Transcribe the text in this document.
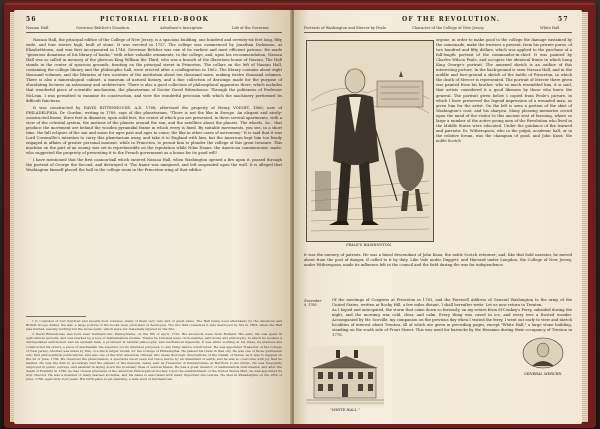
56	PICTORIAL FIELD-BOOK
Nassau Hall.	Governor Belcher's Donation.	Arbuthnot's Inscription.	Life of the Governor.

Nassau Hall, the principal edifice of the College of New Jersey, is a spacious building, one hundred and seventy-six feet long, fifty wide, and four stories high, built of stone. It was erected in 1757. The college was commenced by Jonathan Dickinson, at Elizabethtown, and was first incorporated in 1746. Governor Belcher was one of its earliest and most efficient patrons. He made "generous donations of his library of books," with other valuable ornaments, to the college; and, upon his recommendation, Nassau Hall was so called in memory of the glorious King William the Third, who was a branch of the illustrious house of Nassau. The Hall stands in the center of spacious grounds, fronting on the principal street in Princeton. The cellars on the left of Nassau Hall, containing the college library and the philosophic hall, were erected after a conflagration in 1802. The library contains about eight thousand volumes, and the libraries of two societies of the institution about ten thousand more, making twelve thousand volumes. There is also a mineralogical cabinet, a museum of natural history, and a fine collection of drawings made for the purpose of elucidating lectures on astronomy and architecture. There is also a good collection of philosophical apparatus there, which includes that wonderful piece of scientific mechanism, the planetarium of Doctor David Rittenhouse. Through the politeness of Professor McLean, I was permitted to examine its construction, and view the wonderful precision with which the machinery performed its difficult functions.

It was constructed by DAVID RITTENHOUSE, A.D. 1768; afterward the property of Henry VOIGHT, 1806; now of PHILADELPHIA. Dr. Gordon, writing in 1789, says of this planetarium, "There is not the like in Europe. An elegant and nicely-constructed frame, three feet in diameter, upon solid feet; the center of which you are presented, in three several apartments, with a view of the celestial system, the motions of the planets around the sun, and the satellites about the planets. The wheels, &c., that produce the movement are behind the wooden pyramidal frame in which every is fixed. By suitable movements, you see, in a short time, the full eclipses of the sun and moon for ages past and ages to come; the like in other cases of astronomy." It is said that it was Lord Cornwallis's intention to carry this planetarium away, and take it to England with him; but the American kept him too busily engaged in affairs of greater personal moment, while in Princeton, to permit him to plunder the college of this great treasure. This machine on the part of an enemy was set in reprehensible on the reputation while Nilas Deane, the American commissioner, made, who suggested the propriety of presenting it to the French government as a bonus for its good will!

I have mentioned that the first cannon-ball which entered Nassau Hall, when Washington opened a fire upon it, passed through the portrait of George the Second, and destroyed it. The frame was uninjured, and left suspended upon the wall. It is alleged that Washington himself placed the ball in the college room in the Princeton wing of that edifice.

1 It consisted of four hundred and seventy-four volumes, many of them very rare and of great value. The Hall being used alternately by the American and British troops during the war, a large portion of the books were purloined or destroyed. The fire that consumed it was destroyed by fire in 1802, when the Hall was burned, leaving nothing but the stone walls, which were not materially injured by the fire.

2 David Rittenhouse was born near Germantown, Pennsylvania, on the 8th of April, 1732. His ancestors were from Holland. His early life was spent in agricultural pursuits, and was marked by a love of mathematical studies. Trades he followed were clock-making, astronomy and philosophy, in which he became a distinguished astronomer and an eminent man, a proficient in natural philosophy; and mechanical ingenuity. It was while working at his trade, he planned and constructed his orrery, a piece of mechanism the superior, for its intended purposes, to any thing before constructed. He was appointed Treasurer of the College of New Jersey. Another was made by him, of a much larger model, for the College of Philadelphia. He passed his trade in that city. He was one of those gentlemen who first philosophical publications; and was one of the first American citizens who made thorough observations of the transit of Venus, as it was to happen on the 3d of June, 1769. He observed the phenomenon, a spectacle never seen but twice before by an inhabitant of earth, and he was so overcome with joy that he fainted. He was the first to accurately find the planets of the heavens, being sent as Treasurer of Pennsylvania; at Hartford to his duties. He was frequently employed in public surveys, and assisted in laying down the boundary lines of several States. He was a great inventor of mathematical instruments; and after the death of Franklin in 1790, he was chosen president of the American Philosophical Society. Upon the establishment of the United States Mint, he was appointed its first director. He was a member of many learned societies, and his name is associated with many important discoveries. He died in Philadelphia on the 26th of June, 1796, aged sixty-four years. His birth-place is yet standing, a mile west of Germantown.

OF THE REVOLUTION.	57
Portraits of Washington and Mercer by Peale.	Character of the College of New Jersey.	White Hall.
PEALE'S WASHINGTON.

orgone, in order to make good to the college the damage sustained by the cannonade, make the trustees a present, from his private purse, of two hundred and fifty dollars, which was applied to the purchase of a full-length portrait of the commander-in-chief. It was painted by Charles Wilson Peale, and occupies the identical frame in which hung King George's portrait. The annexed sketch is an outline of this interesting picture. In the back-ground is seen Nassau Hall, and in the middle and fore-ground a sketch of the battle of Princeton, in which the death of Mercer is represented. The portrait of Mercer there given was painted from his brother, who so much resembled him, it is said, that artists considered it a good likeness by those who knew the general. The portrait given below I copied from Peale's picture, in which I have preserved the legend impression of a wounded man, as given him for the artist. On the left is seen a portion of the skirt of Washington's coat, and his sharpen. Many pleasing memories crowd upon the mind of the visitor to this ancient seat of learning, where so large a number of the active young men of the Revolution who lived in the Middle States were educated. Under the guidance of the learned and patriotic Dr. Witherspoon, who in the pulpit, academic hall, or in the relative forum, was the champion of good, and John Knox, the noble Scotch

it was the nursery of patriots. He was a lineal descendant of John Knox, the noble Scotch reformer; and, like that bold narrator, he moved about from the post of danger, if called to it by duty. Like Vale under Daggett, and Harvard under Langdon, the College of New Jersey, under Witherspoon, made its influence felt in the council and the field during the war for independence.

November 9, 1780.

Of the meetings of Congress at Princeton in 1783, and the Farewell Address of General Washington to the army of the United States, written at Rocky Hill, a few miles distant, I shall hereafter write. Let us now return to Trenton.
As I hoped and anticipated, the storm that came down so furiously, on my return from M'Conkey's Ferry, subsided during the night, and the morning was cold, clear, and calm. Every thing was cased in ice, and every tree a frosted wonder. Accompanied by Mr. Scoville, my companion on the previous day when I visited the ferry, I went out early to view and sketch localities of interest about Trenton, all of which are given in preceding pages, except "White Hall," a large stone building, standing on the south side of Front Street. This was used for barracks by the Hessians during their occupancy of Trenton in 1776.

"WHITE HALL."
GENERAL MERCER.
